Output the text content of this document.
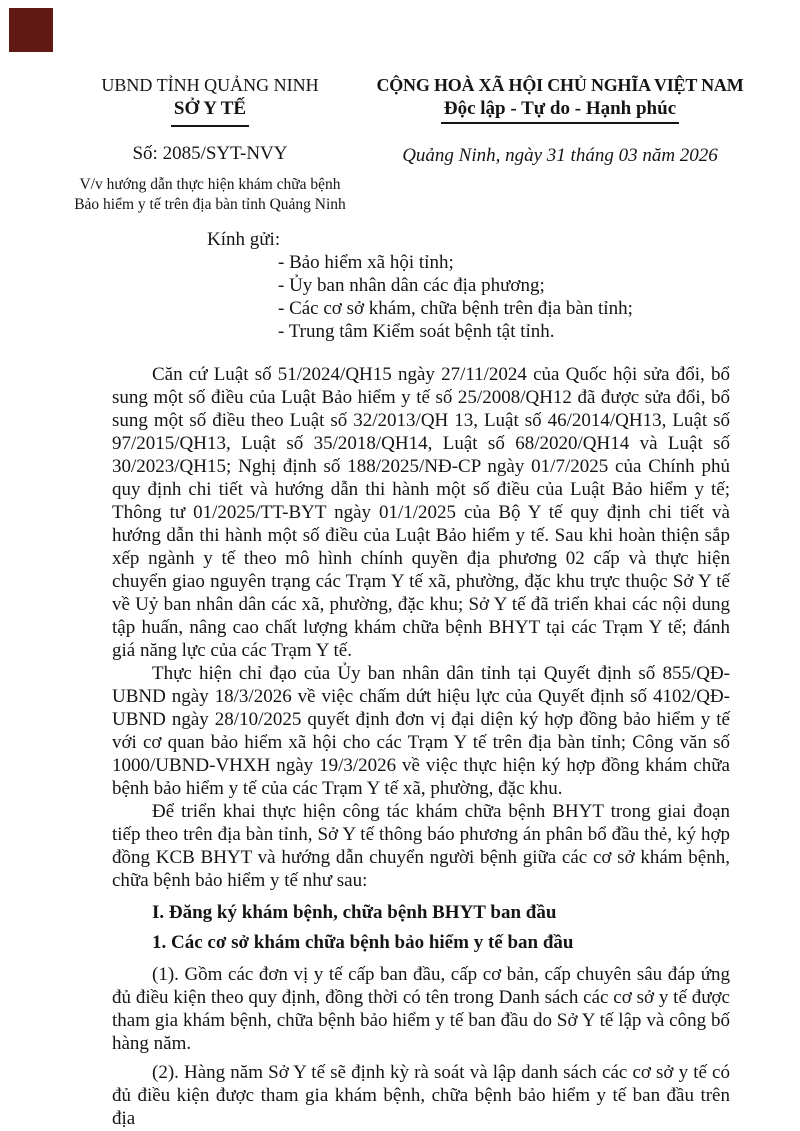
UBND TỈNH QUẢNG NINH
SỞ Y TẾ
Số: 2085/SYT-NVY
V/v hướng dẫn thực hiện khám chữa bệnh
Bảo hiểm y tế trên địa bàn tỉnh Quảng Ninh
CỘNG HOÀ XÃ HỘI CHỦ NGHĨA VIỆT NAM
Độc lập - Tự do - Hạnh phúc
Quảng Ninh, ngày 31 tháng 03 năm 2026
Kính gửi:
- Bảo hiểm xã hội tỉnh;
- Ủy ban nhân dân các địa phương;
- Các cơ sở khám, chữa bệnh trên địa bàn tỉnh;
- Trung tâm Kiểm soát bệnh tật tỉnh.

Căn cứ Luật số 51/2024/QH15 ngày 27/11/2024 của Quốc hội sửa đổi, bổ sung một số điều của Luật Bảo hiểm y tế số 25/2008/QH12 đã được sửa đổi, bổ sung một số điều theo Luật số 32/2013/QH 13, Luật số 46/2014/QH13, Luật số 97/2015/QH13, Luật số 35/2018/QH14, Luật số 68/2020/QH14 và Luật số 30/2023/QH15; Nghị định số 188/2025/NĐ-CP ngày 01/7/2025 của Chính phủ quy định chi tiết và hướng dẫn thi hành một số điều của Luật Bảo hiểm y tế; Thông tư 01/2025/TT-BYT ngày 01/1/2025 của Bộ Y tế quy định chi tiết và hướng dẫn thi hành một số điều của Luật Bảo hiểm y tế. Sau khi hoàn thiện sắp xếp ngành y tế theo mô hình chính quyền địa phương 02 cấp và thực hiện chuyển giao nguyên trạng các Trạm Y tế xã, phường, đặc khu trực thuộc Sở Y tế về Uỷ ban nhân dân các xã, phường, đặc khu; Sở Y tế đã triển khai các nội dung tập huấn, nâng cao chất lượng khám chữa bệnh BHYT tại các Trạm Y tế; đánh giá năng lực của các Trạm Y tế.

Thực hiện chỉ đạo của Ủy ban nhân dân tỉnh tại Quyết định số 855/QĐ-UBND ngày 18/3/2026 về việc chấm dứt hiệu lực của Quyết định số 4102/QĐ-UBND ngày 28/10/2025 quyết định đơn vị đại diện ký hợp đồng bảo hiểm y tế với cơ quan bảo hiểm xã hội cho các Trạm Y tế trên địa bàn tỉnh; Công văn số 1000/UBND-VHXH ngày 19/3/2026 về việc thực hiện ký hợp đồng khám chữa bệnh bảo hiểm y tế của các Trạm Y tế xã, phường, đặc khu.

Để triển khai thực hiện công tác khám chữa bệnh BHYT trong giai đoạn tiếp theo trên địa bàn tỉnh, Sở Y tế thông báo phương án phân bổ đầu thẻ, ký hợp đồng KCB BHYT và hướng dẫn chuyển người bệnh giữa các cơ sở khám bệnh, chữa bệnh bảo hiểm y tế như sau:

I. Đăng ký khám bệnh, chữa bệnh BHYT ban đầu

1. Các cơ sở khám chữa bệnh bảo hiểm y tế ban đầu

(1). Gồm các đơn vị y tế cấp ban đầu, cấp cơ bản, cấp chuyên sâu đáp ứng đủ điều kiện theo quy định, đồng thời có tên trong Danh sách các cơ sở y tế được tham gia khám bệnh, chữa bệnh bảo hiểm y tế ban đầu do Sở Y tế lập và công bố hàng năm.

(2). Hàng năm Sở Y tế sẽ định kỳ rà soát và lập danh sách các cơ sở y tế có đủ điều kiện được tham gia khám bệnh, chữa bệnh bảo hiểm y tế ban đầu trên địa
